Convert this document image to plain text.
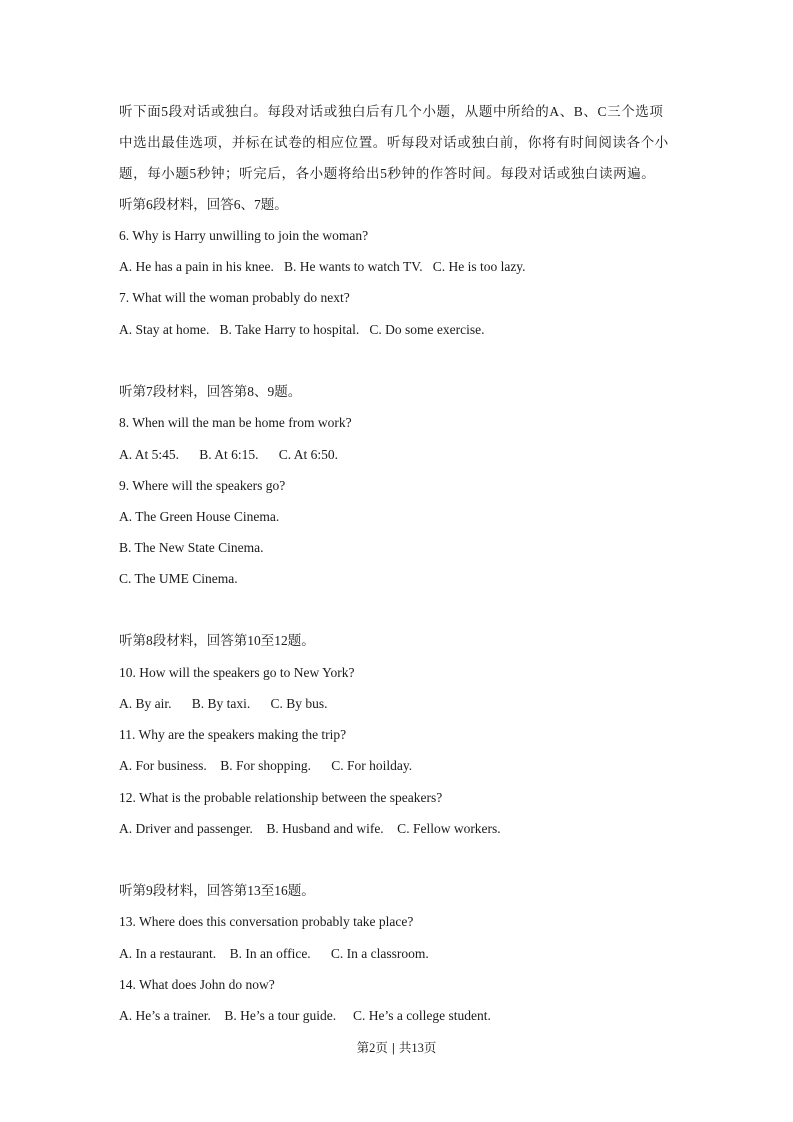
听下面5段对话或独白。每段对话或独白后有几个小题，从题中所给的A、B、C三个选项
中选出最佳选项，并标在试卷的相应位置。听每段对话或独白前，你将有时间阅读各个小
题，每小题5秒钟；听完后，各小题将给出5秒钟的作答时间。每段对话或独白读两遍。
听第6段材料，回答6、7题。
6. Why is Harry unwilling to join the woman?
A. He has a pain in his knee.   B. He wants to watch TV.   C. He is too lazy.
7. What will the woman probably do next?
A. Stay at home.   B. Take Harry to hospital.   C. Do some exercise.
听第7段材料，回答第8、9题。
8. When will the man be home from work?
A. At 5:45.      B. At 6:15.      C. At 6:50.
9. Where will the speakers go?
A. The Green House Cinema.
B. The New State Cinema.
C. The UME Cinema.
听第8段材料，回答第10至12题。
10. How will the speakers go to New York?
A. By air.      B. By taxi.      C. By bus.
11. Why are the speakers making the trip?
A. For business.    B. For shopping.      C. For hoilday.
12. What is the probable relationship between the speakers?
A. Driver and passenger.    B. Husband and wife.    C. Fellow workers.
听第9段材料，回答第13至16题。
13. Where does this conversation probably take place?
A. In a restaurant.    B. In an office.      C. In a classroom.
14. What does John do now?
A. He’s a trainer.    B. He’s a tour guide.     C. He’s a college student.
第2页 | 共13页
